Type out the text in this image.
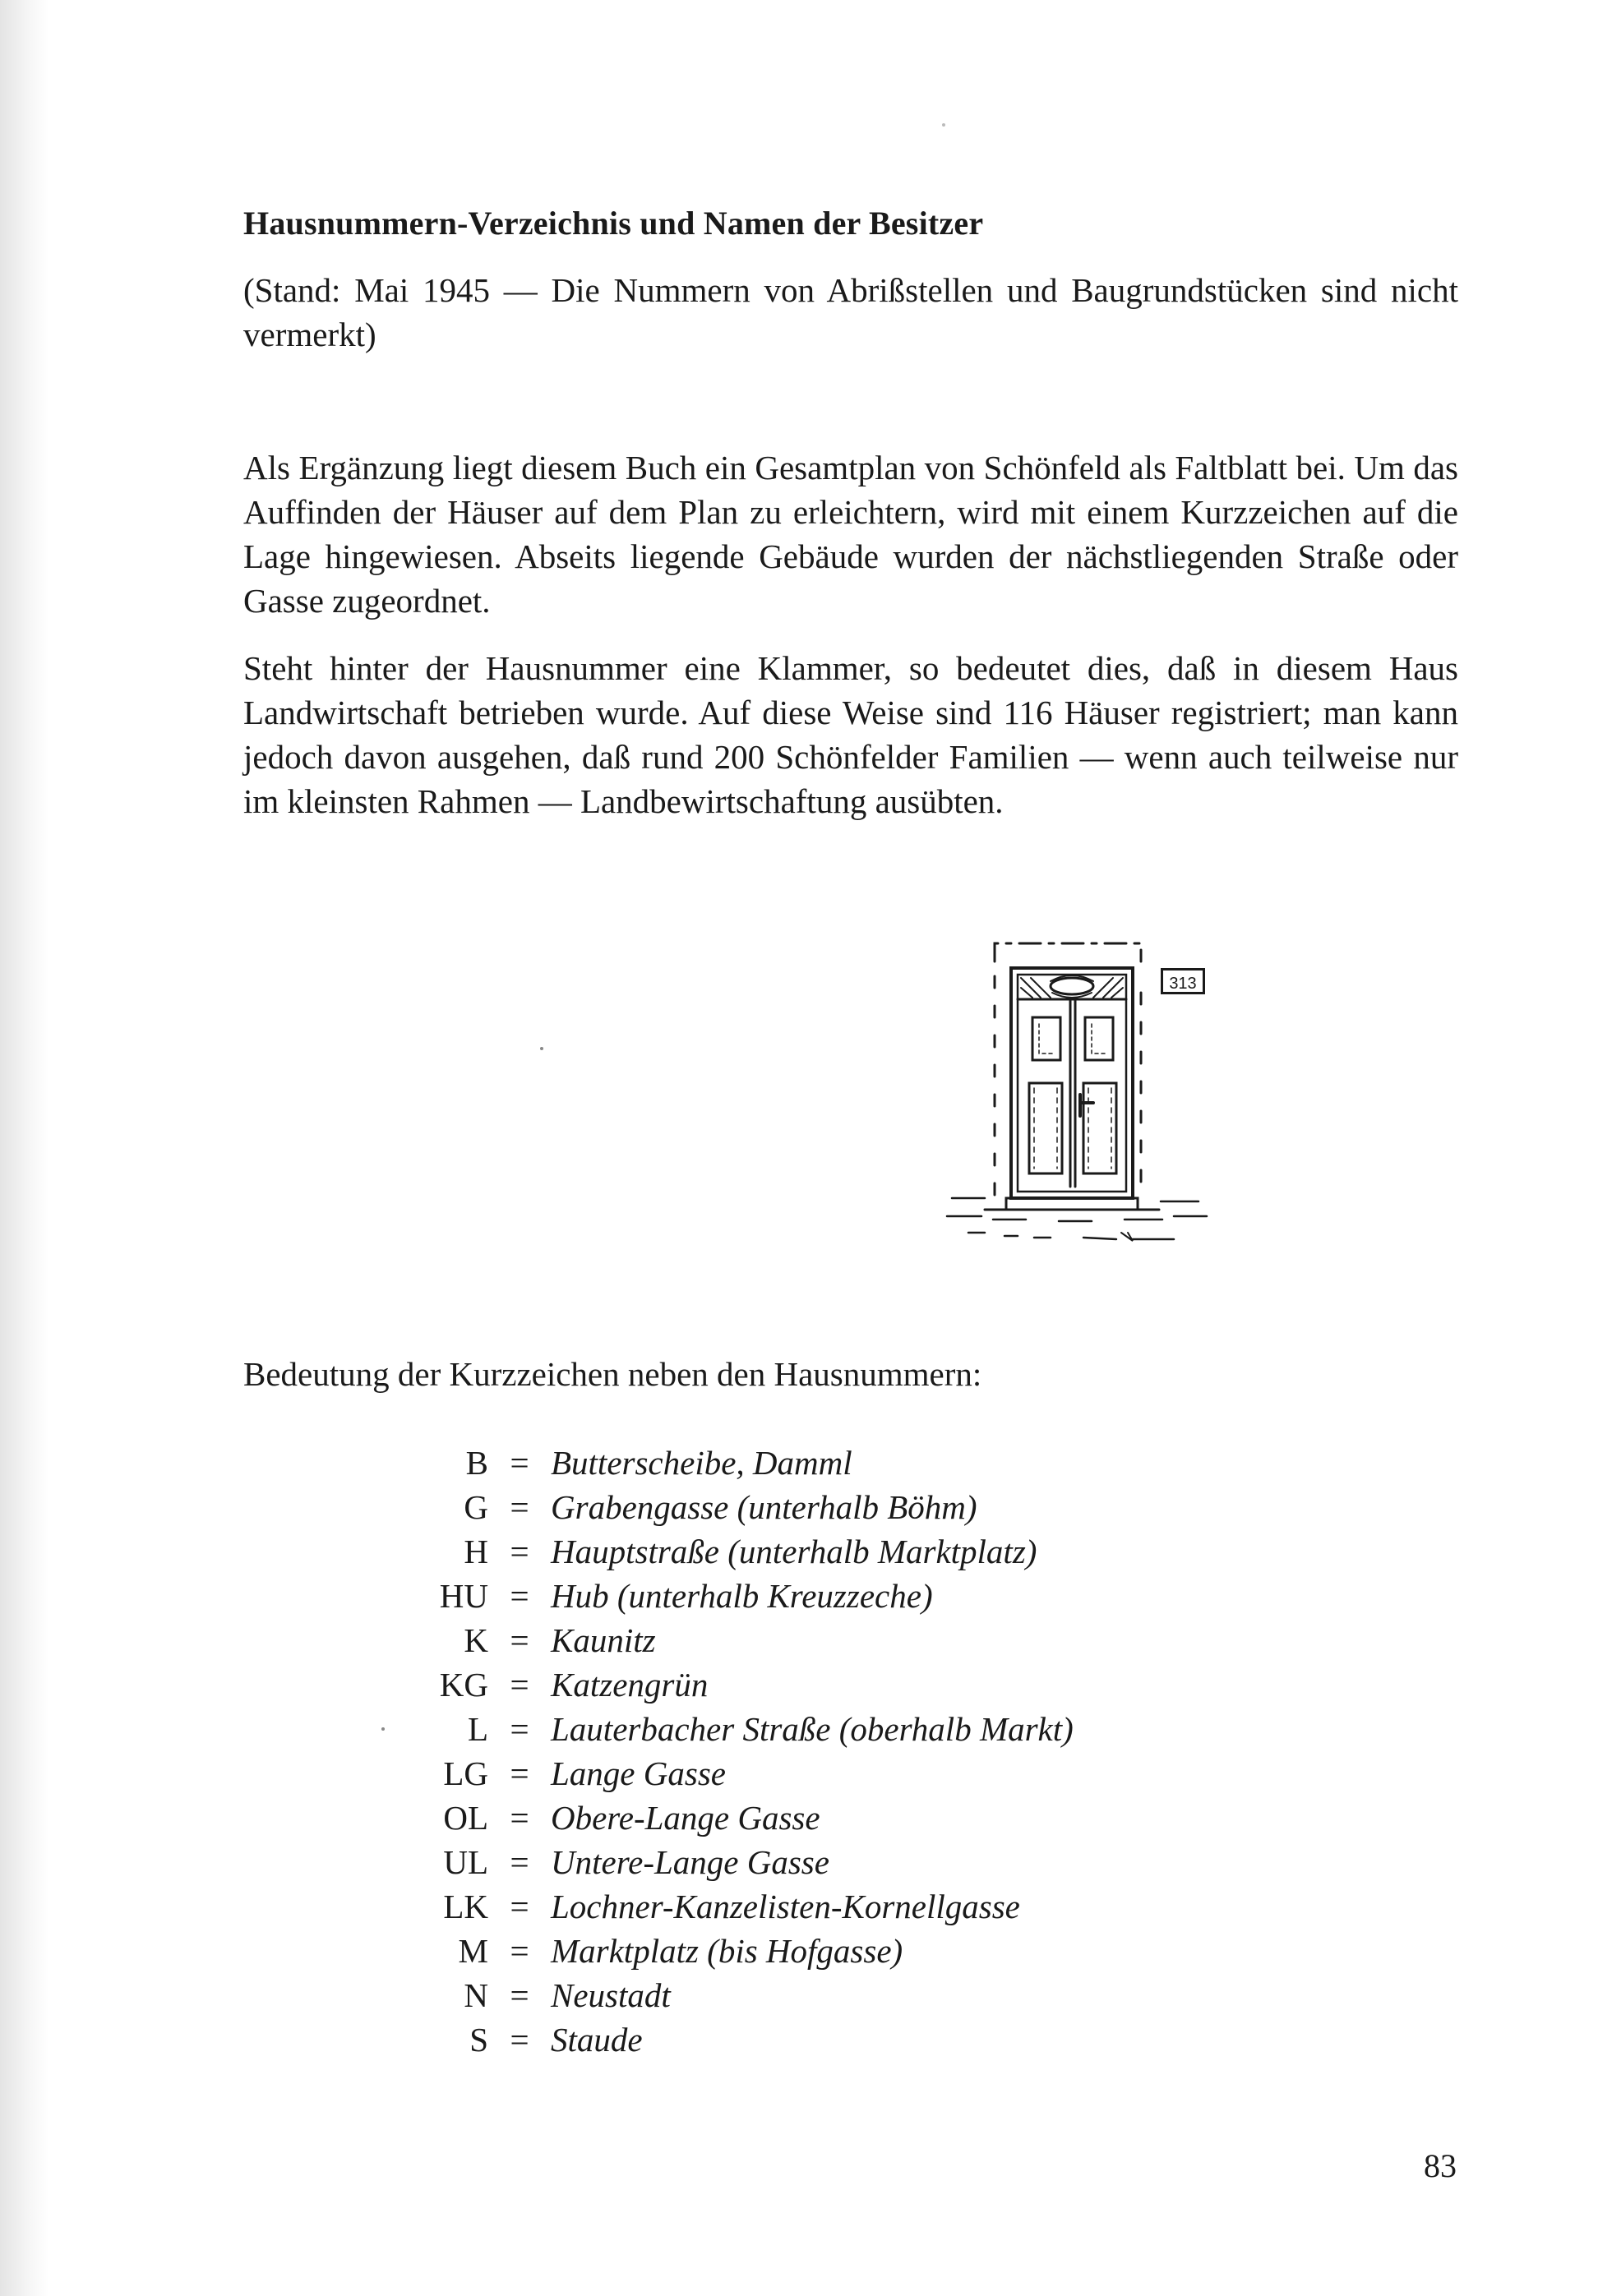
Hausnummern-Verzeichnis und Namen der Besitzer

(Stand: Mai 1945 — Die Nummern von Abrißstellen und Baugrundstücken sind nicht vermerkt)

Als Ergänzung liegt diesem Buch ein Gesamtplan von Schönfeld als Faltblatt bei. Um das Auffinden der Häuser auf dem Plan zu erleichtern, wird mit einem Kurzzeichen auf die Lage hingewiesen. Abseits liegende Gebäude wurden der nächstliegenden Straße oder Gasse zugeordnet.

Steht hinter der Hausnummer eine Klammer, so bedeutet dies, daß in diesem Haus Landwirtschaft betrieben wurde. Auf diese Weise sind 116 Häuser registriert; man kann jedoch davon ausgehen, daß rund 200 Schönfelder Familien — wenn auch teilweise nur im kleinsten Rahmen — Landbewirtschaftung ausübten.

313

Bedeutung der Kurzzeichen neben den Hausnummern:

B = Butterscheibe, Damml
G = Grabengasse (unterhalb Böhm)
H = Hauptstraße (unterhalb Marktplatz)
HU = Hub (unterhalb Kreuzzeche)
K = Kaunitz
KG = Katzengrün
L = Lauterbacher Straße (oberhalb Markt)
LG = Lange Gasse
OL = Obere-Lange Gasse
UL = Untere-Lange Gasse
LK = Lochner-Kanzelisten-Kornellgasse
M = Marktplatz (bis Hofgasse)
N = Neustadt
S = Staude

83
